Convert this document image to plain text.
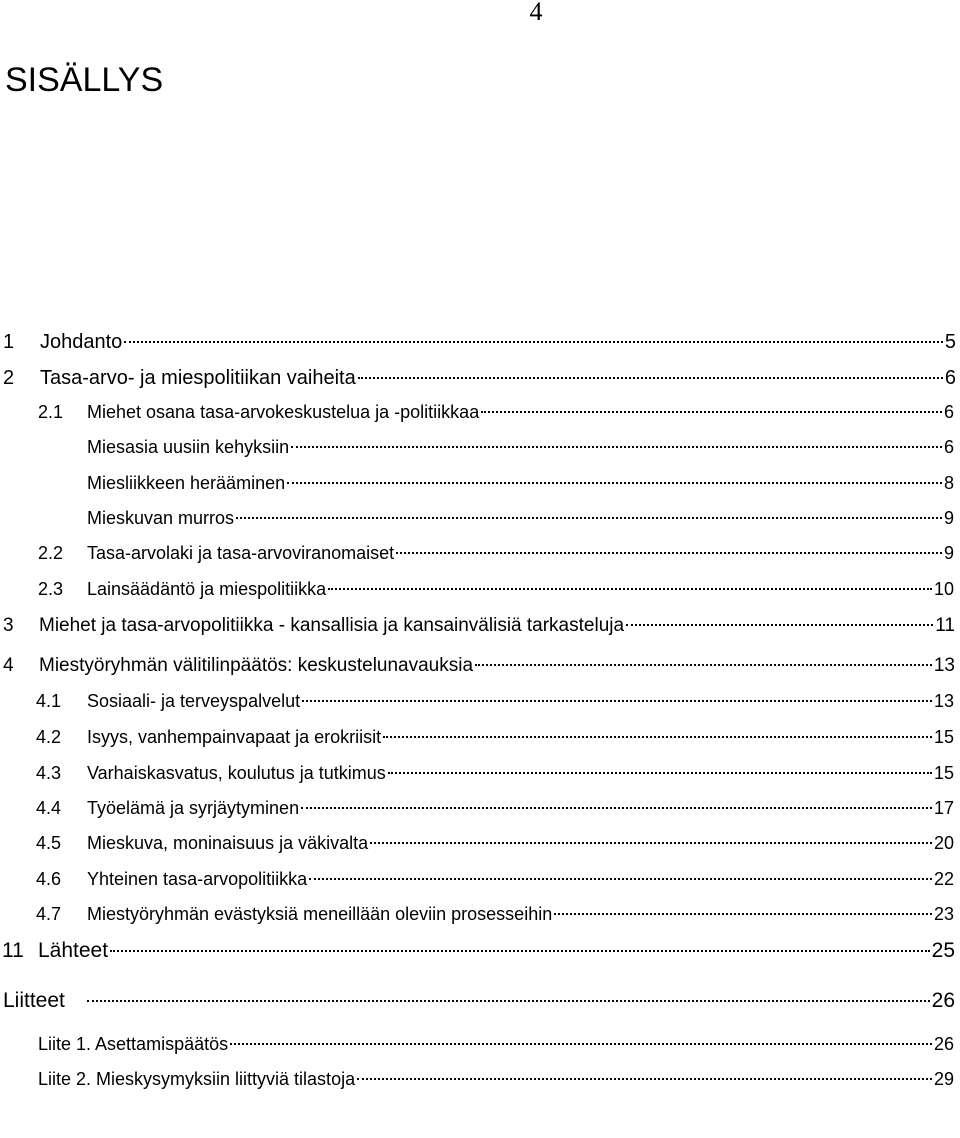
4
SISÄLLYS
1	Johdanto	5
2	Tasa-arvo- ja miespolitiikan vaiheita	6
2.1	Miehet osana tasa-arvokeskustelua ja -politiikkaa	6
Miesasia uusiin kehyksiin	6
Miesliikkeen herääminen	8
Mieskuvan murros	9
2.2	Tasa-arvolaki ja tasa-arvoviranomaiset	9
2.3	Lainsäädäntö ja miespolitiikka	10
3	Miehet ja tasa-arvopolitiikka - kansallisia ja kansainvälisiä tarkasteluja	11
4	Miestyöryhmän välitilinpäätös: keskustelunavauksia	13
4.1	Sosiaali- ja terveyspalvelut	13
4.2	Isyys, vanhempainvapaat ja erokriisit	15
4.3	Varhaiskasvatus, koulutus ja tutkimus	15
4.4	Työelämä ja syrjäytyminen	17
4.5	Mieskuva, moninaisuus ja väkivalta	20
4.6	Yhteinen tasa-arvopolitiikka	22
4.7	Miestyöryhmän evästyksiä meneillään oleviin prosesseihin	23
11 Lähteet	25
Liitteet	26
Liite 1. Asettamispäätös	26
Liite 2. Mieskysymyksiin liittyviä tilastoja	29
